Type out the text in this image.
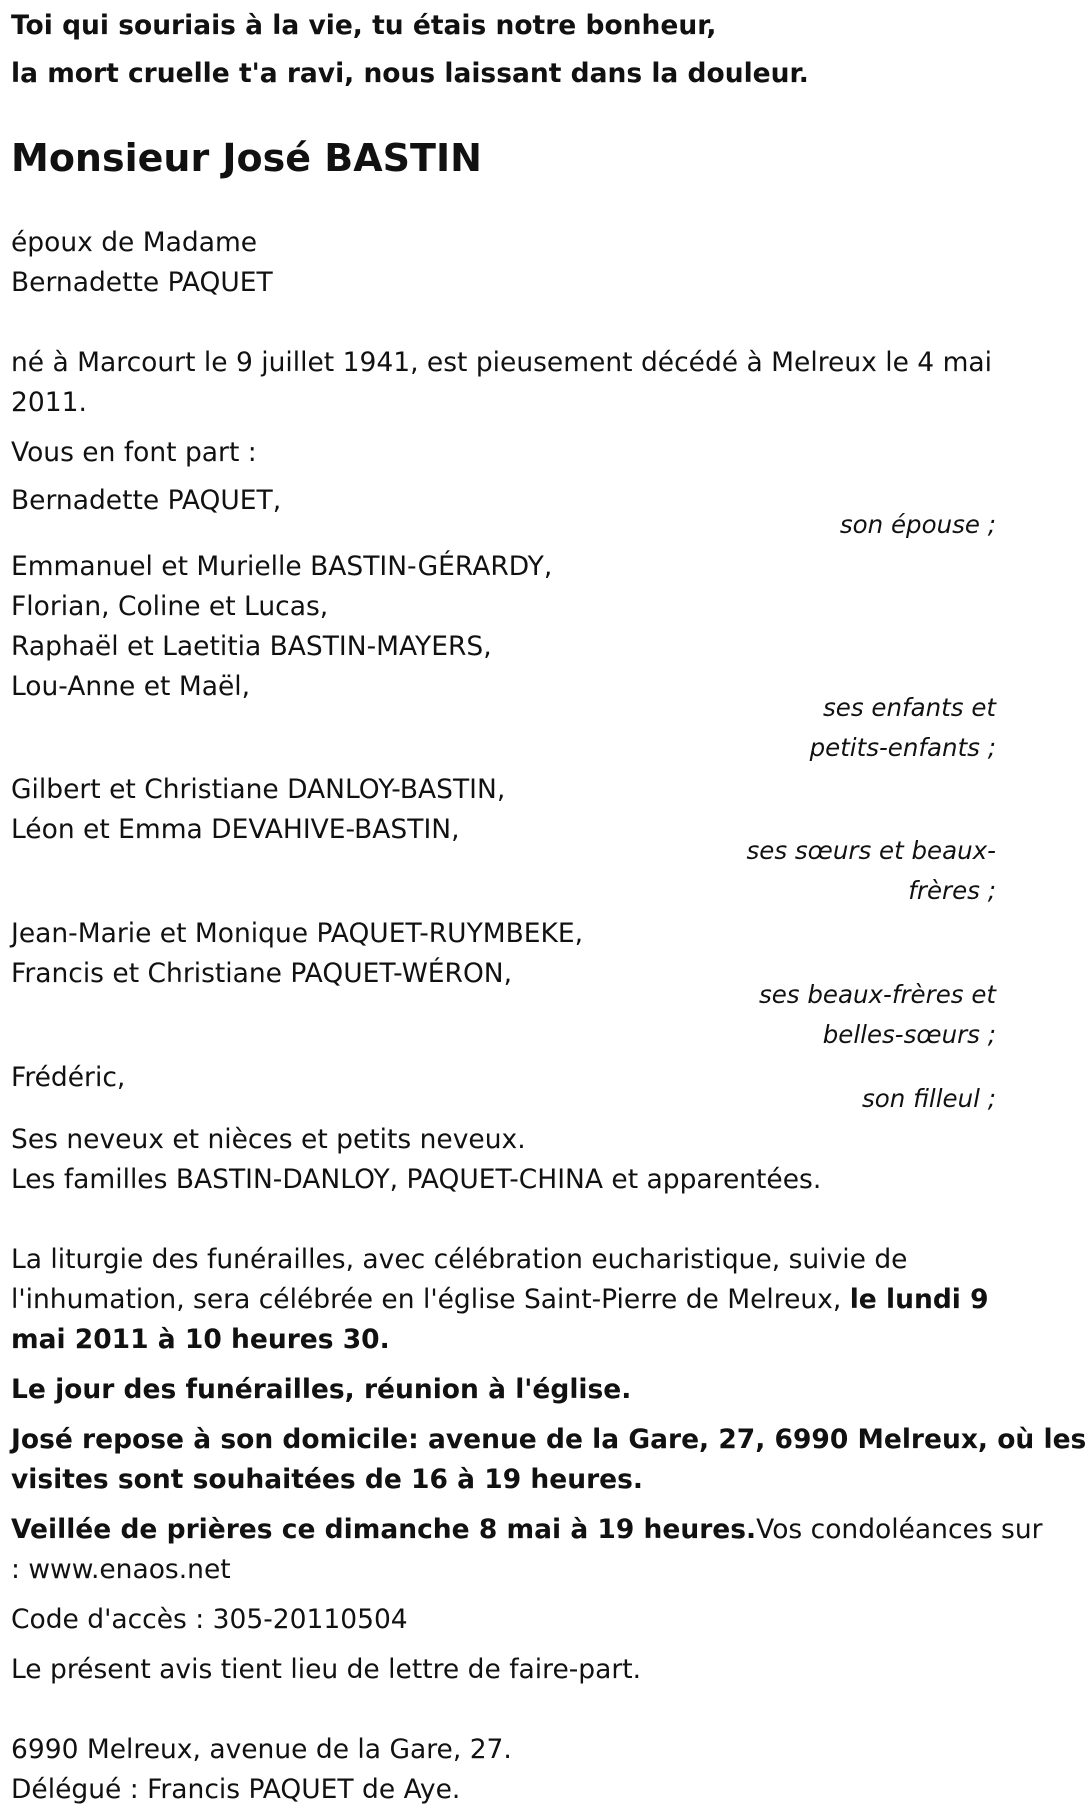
Toi qui souriais à la vie, tu étais notre bonheur,
la mort cruelle t'a ravi, nous laissant dans la douleur.
Monsieur José BASTIN
époux de Madame
Bernadette PAQUET
né à Marcourt le 9 juillet 1941, est pieusement décédé à Melreux le 4 mai
2011.
Vous en font part :
Bernadette PAQUET,
son épouse ;
Emmanuel et Murielle BASTIN-GÉRARDY,
Florian, Coline et Lucas,
Raphaël et Laetitia BASTIN-MAYERS,
Lou-Anne et Maël,
ses enfants et
petits-enfants ;
Gilbert et Christiane DANLOY-BASTIN,
Léon et Emma DEVAHIVE-BASTIN,
ses sœurs et beaux-
frères ;
Jean-Marie et Monique PAQUET-RUYMBEKE,
Francis et Christiane PAQUET-WÉRON,
ses beaux-frères et
belles-sœurs ;
Frédéric,
son filleul ;
Ses neveux et nièces et petits neveux.
Les familles BASTIN-DANLOY, PAQUET-CHINA et apparentées.
La liturgie des funérailles, avec célébration eucharistique, suivie de
l'inhumation, sera célébrée en l'église Saint-Pierre de Melreux, le lundi 9
mai 2011 à 10 heures 30.
Le jour des funérailles, réunion à l'église.
José repose à son domicile: avenue de la Gare, 27, 6990 Melreux, où les
visites sont souhaitées de 16 à 19 heures.
Veillée de prières ce dimanche 8 mai à 19 heures.Vos condoléances sur
: www.enaos.net
Code d'accès : 305-20110504
Le présent avis tient lieu de lettre de faire-part.
6990 Melreux, avenue de la Gare, 27.
Délégué : Francis PAQUET de Aye.
